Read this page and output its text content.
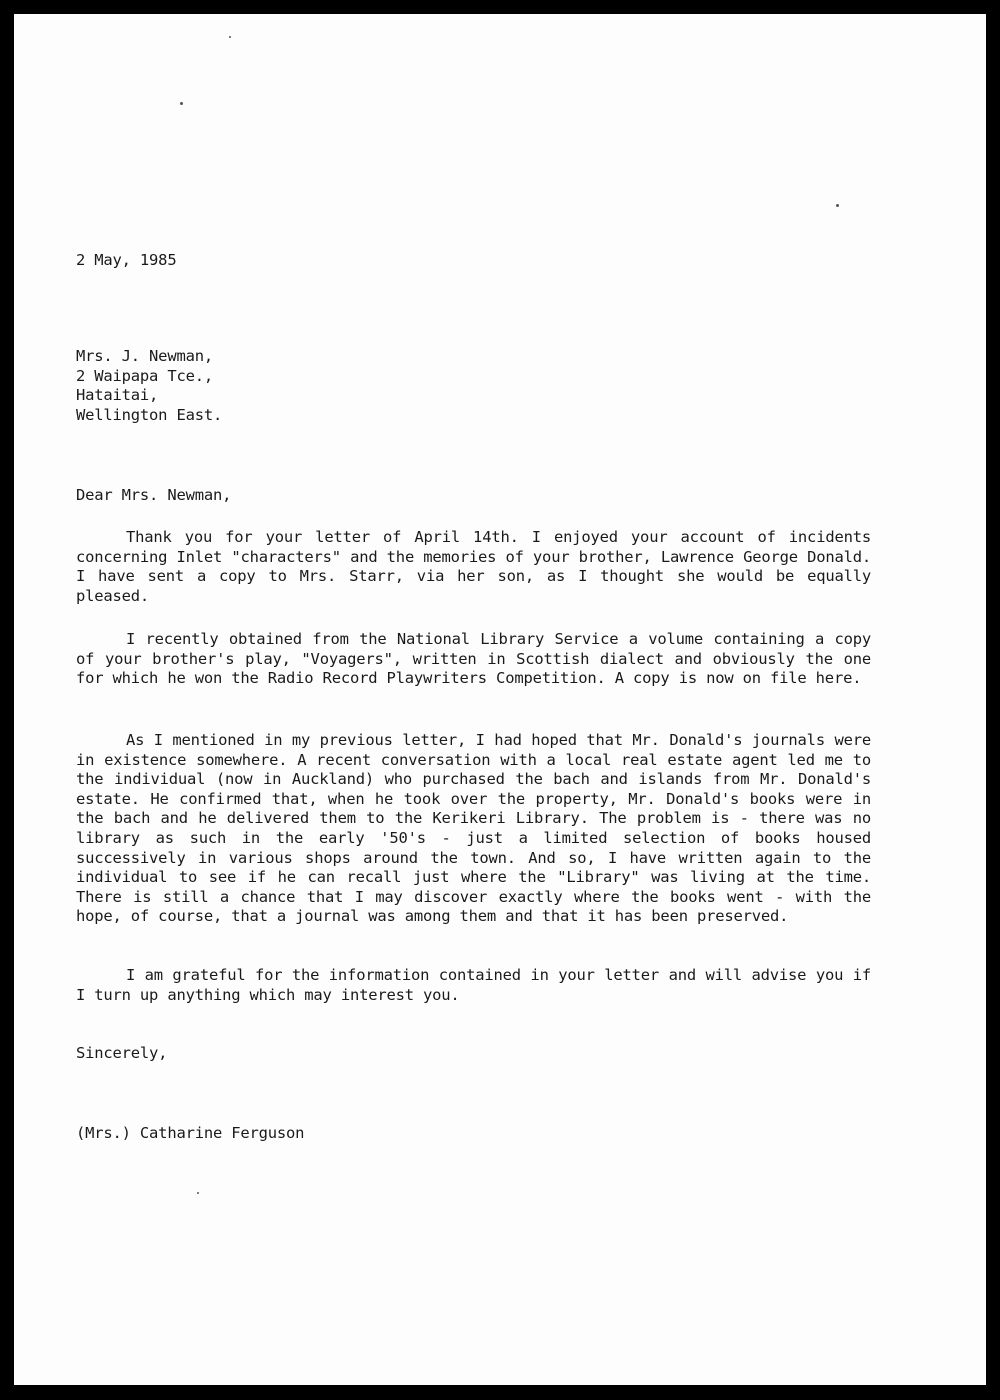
2 May, 1985
Mrs. J. Newman,
2 Waipapa Tce.,
Hataitai,
Wellington East.
Dear Mrs. Newman,

Thank you for your letter of April 14th. I enjoyed your account of incidents concerning Inlet "characters" and the memories of your brother, Lawrence George Donald. I have sent a copy to Mrs. Starr, via her son, as I thought she would be equally pleased.

I recently obtained from the National Library Service a volume containing a copy of your brother's play, "Voyagers", written in Scottish dialect and obviously the one for which he won the Radio Record Playwriters Competition. A copy is now on file here.

As I mentioned in my previous letter, I had hoped that Mr. Donald's journals were in existence somewhere. A recent conversation with a local real estate agent led me to the individual (now in Auckland) who purchased the bach and islands from Mr. Donald's estate. He confirmed that, when he took over the property, Mr. Donald's books were in the bach and he delivered them to the Kerikeri Library. The problem is - there was no library as such in the early '50's - just a limited selection of books housed successively in various shops around the town. And so, I have written again to the individual to see if he can recall just where the "Library" was living at the time. There is still a chance that I may discover exactly where the books went - with the hope, of course, that a journal was among them and that it has been preserved.

I am grateful for the information contained in your letter and will advise you if I turn up anything which may interest you.

Sincerely,
(Mrs.) Catharine Ferguson
